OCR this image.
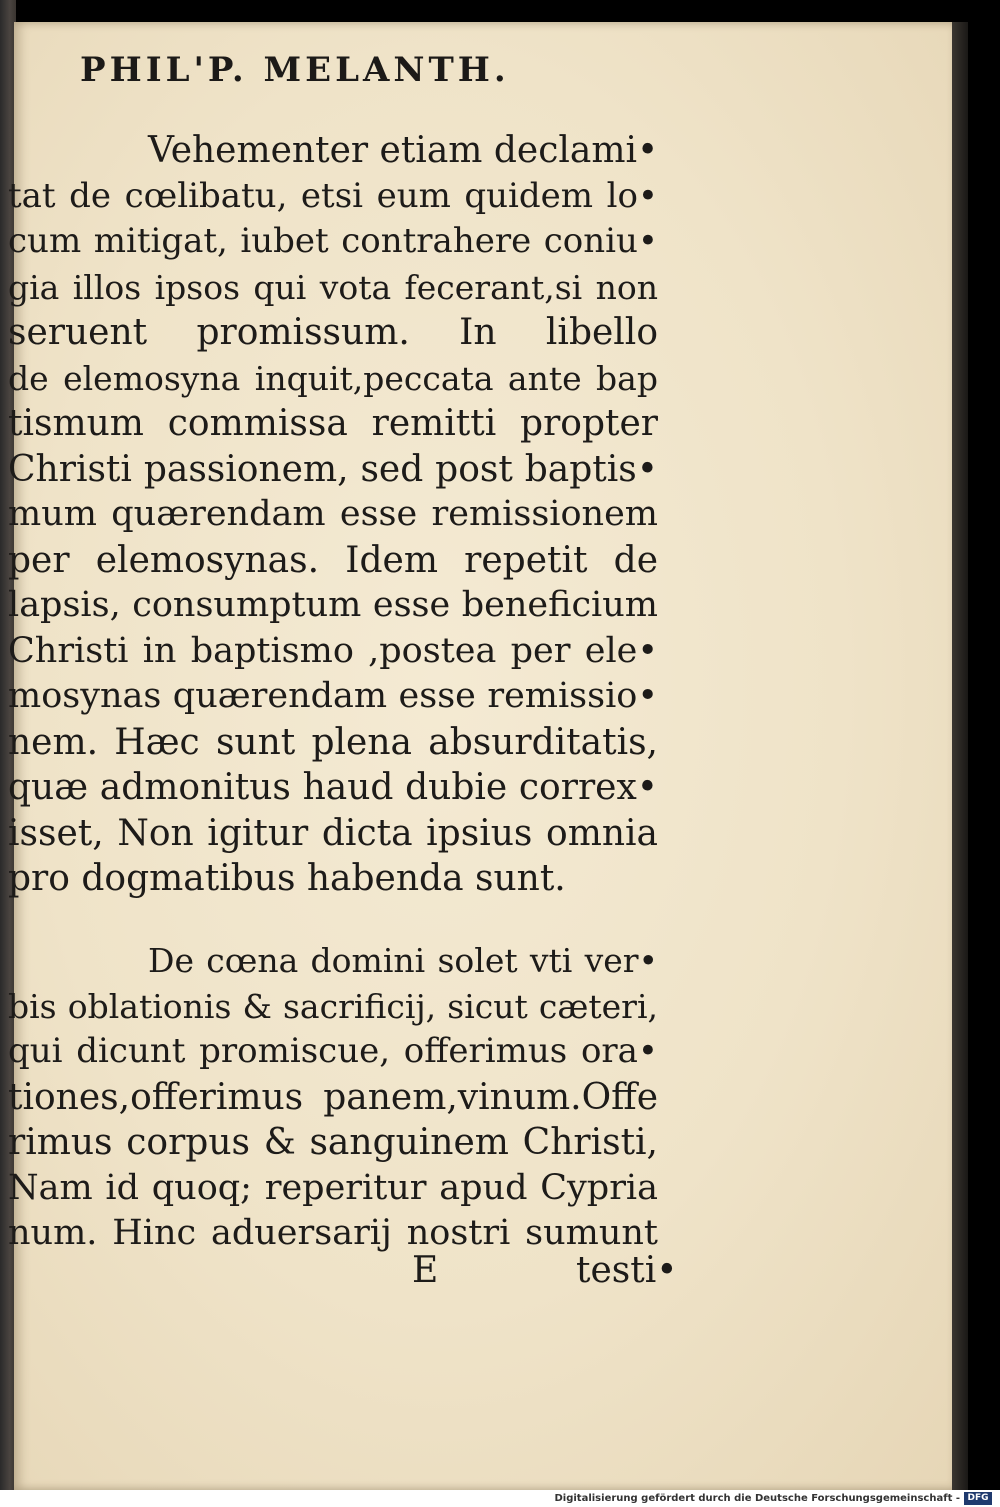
PHIL'P. MELANTH.
Vehementer etiam declami•
tat de cœlibatu, etsi eum quidem lo•
cum mitigat, iubet contrahere coniu•
gia illos ipsos qui vota fecerant,si non
seruent promissum. In libello
de elemosyna inquit,peccata ante bap
tismum commissa remitti propter
Christi passionem, sed post baptis•
mum quærendam esse remissionem
per elemosynas. Idem repetit de
lapsis, consumptum esse beneficium
Christi in baptismo ,postea per ele•
mosynas quærendam esse remissio•
nem. Hæc sunt plena absurditatis,
quæ admonitus haud dubie correx•
isset, Non igitur dicta ipsius omnia
pro dogmatibus habenda sunt.
De cœna domini solet vti ver•
bis oblationis & sacrificij, sicut cæteri,
qui dicunt promiscue, offerimus ora•
tiones,offerimus panem,vinum.Offe
rimus corpus & sanguinem Christi,
Nam id quoq; reperitur apud Cypria
num. Hinc aduersarij nostri sumunt
E	testi•
Digitalisierung gefördert durch die Deutsche Forschungsgemeinschaft - DFG
